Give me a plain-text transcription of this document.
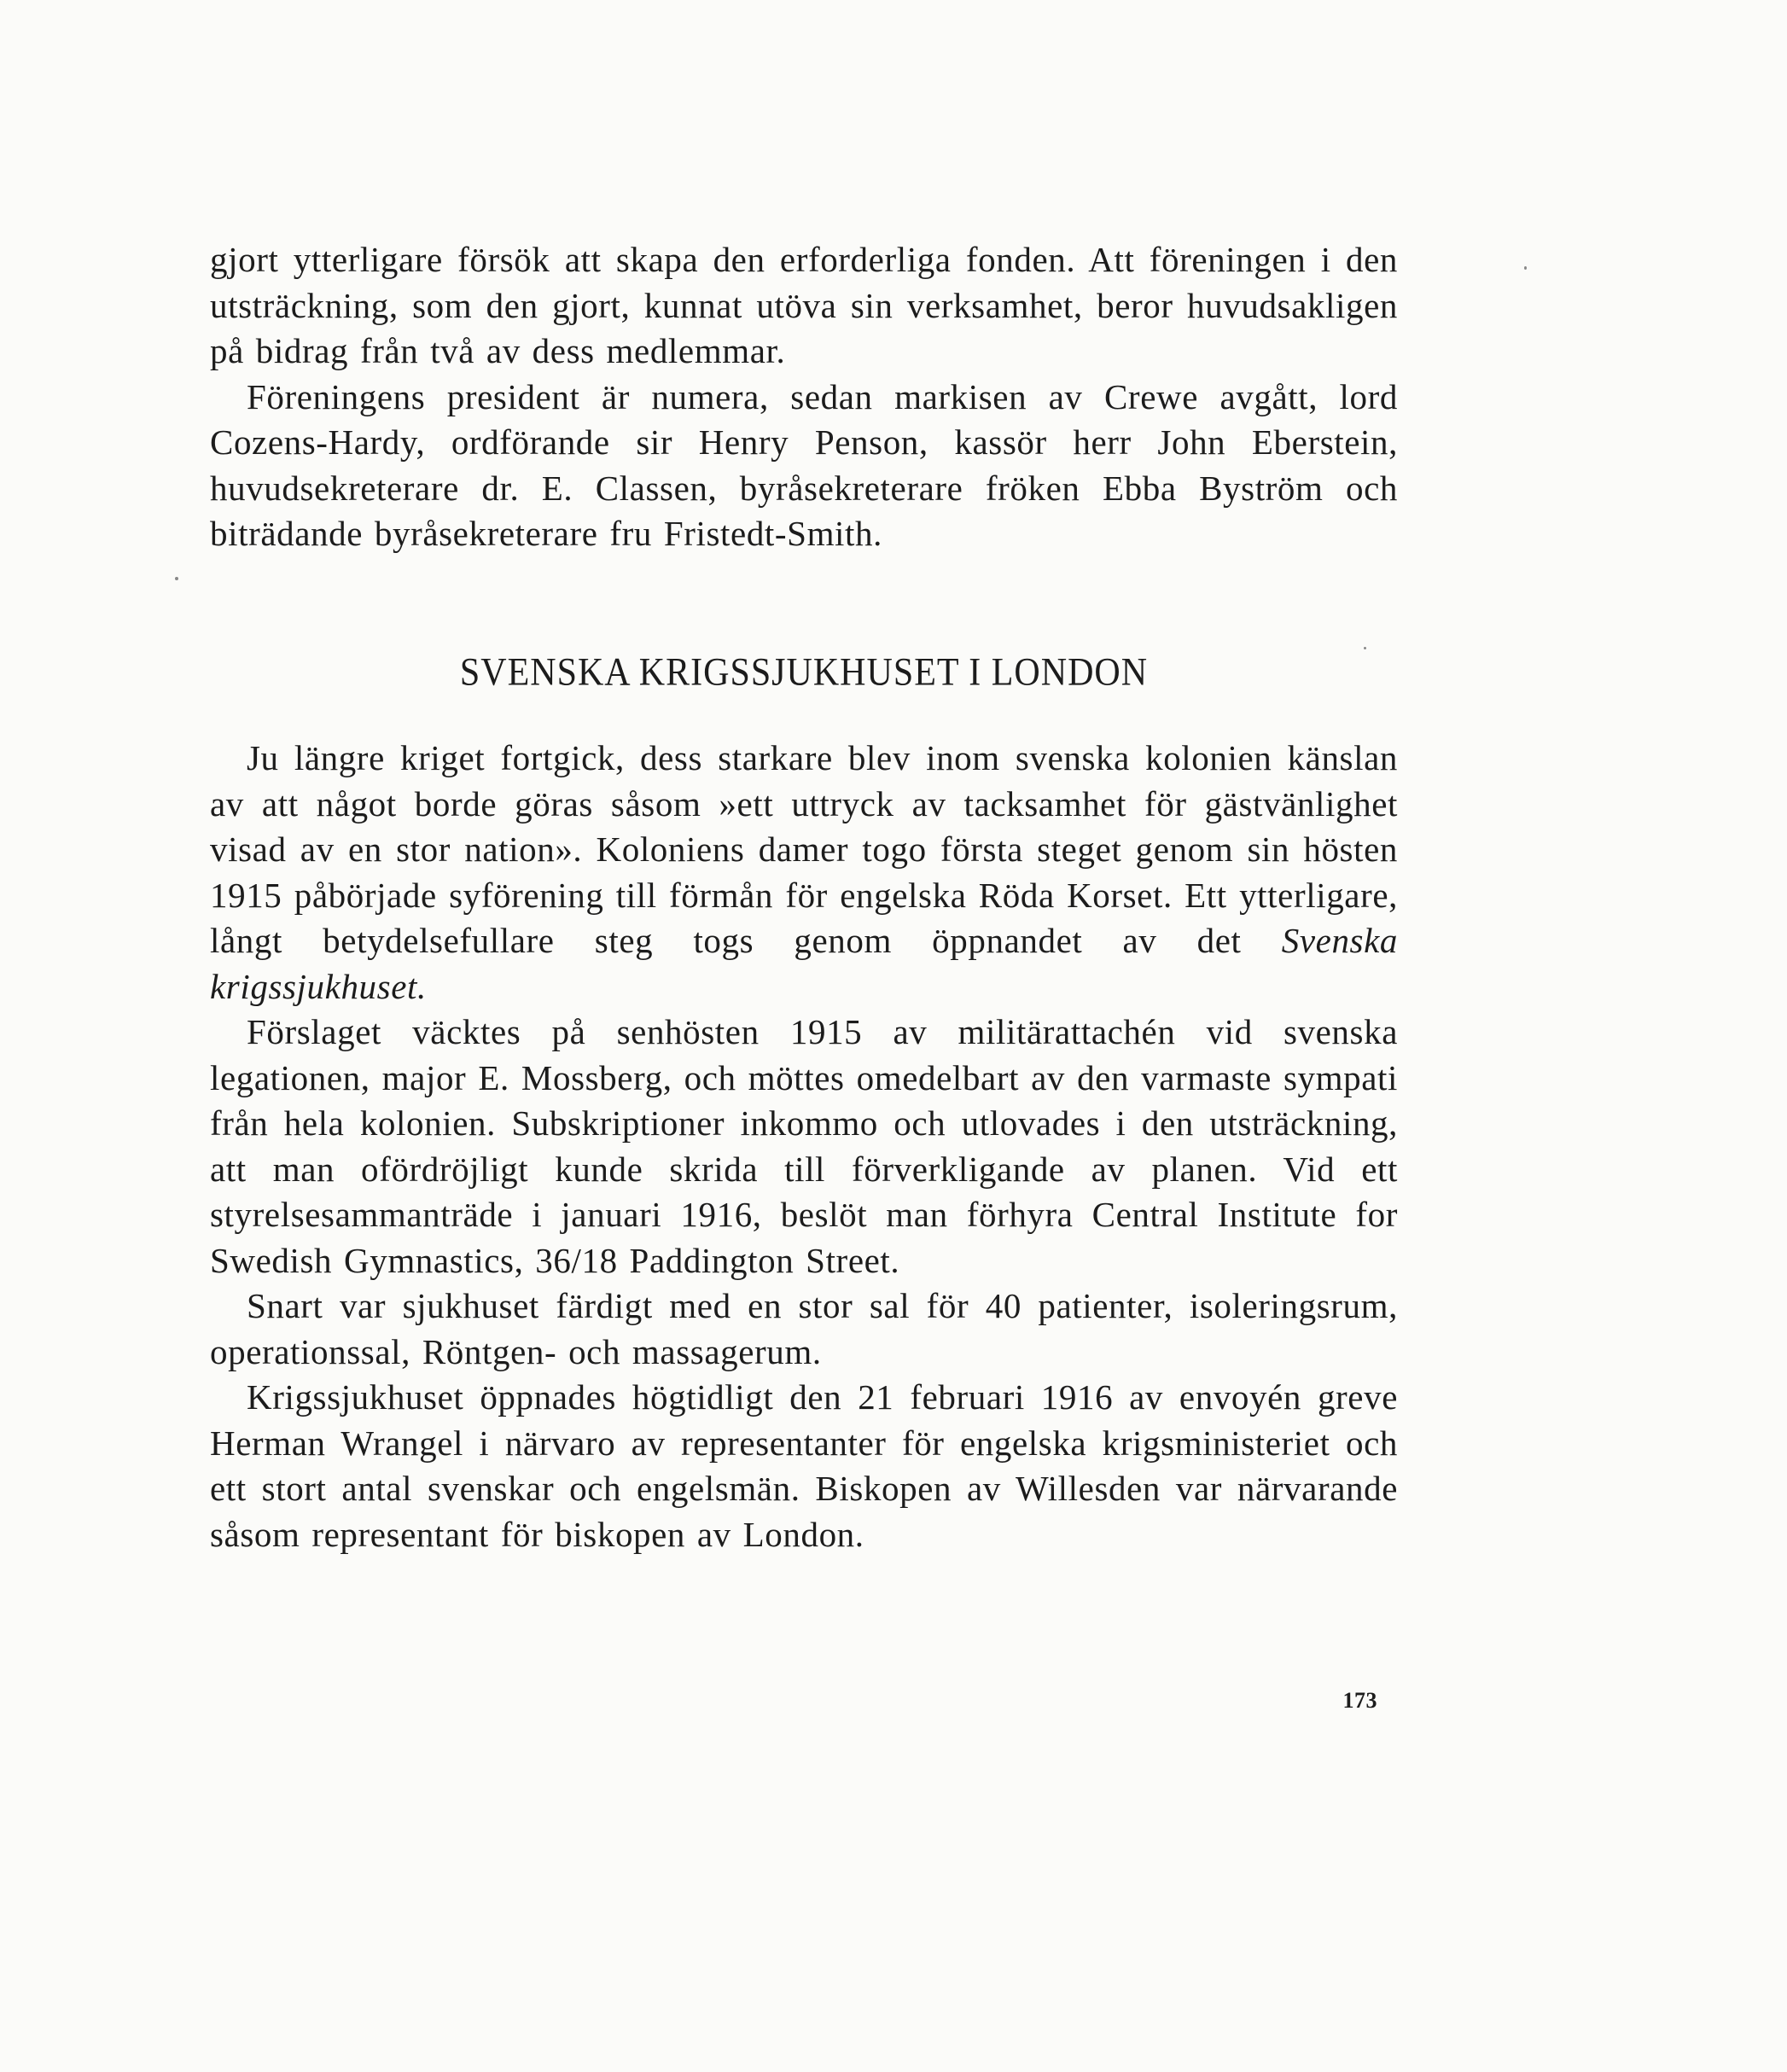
gjort ytterligare försök att skapa den erforderliga fonden. Att föreningen i den utsträckning, som den gjort, kunnat utöva sin verksamhet, beror huvudsakligen på bidrag från två av dess medlemmar.

Föreningens president är numera, sedan markisen av Crewe avgått, lord Cozens-Hardy, ordförande sir Henry Penson, kassör herr John Eberstein, huvudsekreterare dr. E. Classen, byråsekreterare fröken Ebba Byström och biträdande byråsekreterare fru Fristedt-Smith.

SVENSKA KRIGSSJUKHUSET I LONDON

Ju längre kriget fortgick, dess starkare blev inom svenska kolonien känslan av att något borde göras såsom »ett uttryck av tacksamhet för gästvänlighet visad av en stor nation». Koloniens damer togo första steget genom sin hösten 1915 påbörjade syförening till förmån för engelska Röda Korset. Ett ytterligare, långt betydelsefullare steg togs genom öppnandet av det Svenska krigssjukhuset.

Förslaget väcktes på senhösten 1915 av militärattachén vid svenska legationen, major E. Mossberg, och möttes omedelbart av den varmaste sympati från hela kolonien. Subskriptioner inkommo och utlovades i den utsträckning, att man ofördröjligt kunde skrida till förverkligande av planen. Vid ett styrelsesammanträde i januari 1916, beslöt man förhyra Central Institute for Swedish Gymnastics, 36/18 Paddington Street.

Snart var sjukhuset färdigt med en stor sal för 40 patienter, isoleringsrum, operationssal, Röntgen- och massagerum.

Krigssjukhuset öppnades högtidligt den 21 februari 1916 av envoyén greve Herman Wrangel i närvaro av representanter för engelska krigsministeriet och ett stort antal svenskar och engelsmän. Biskopen av Willesden var närvarande såsom representant för biskopen av London.

173
